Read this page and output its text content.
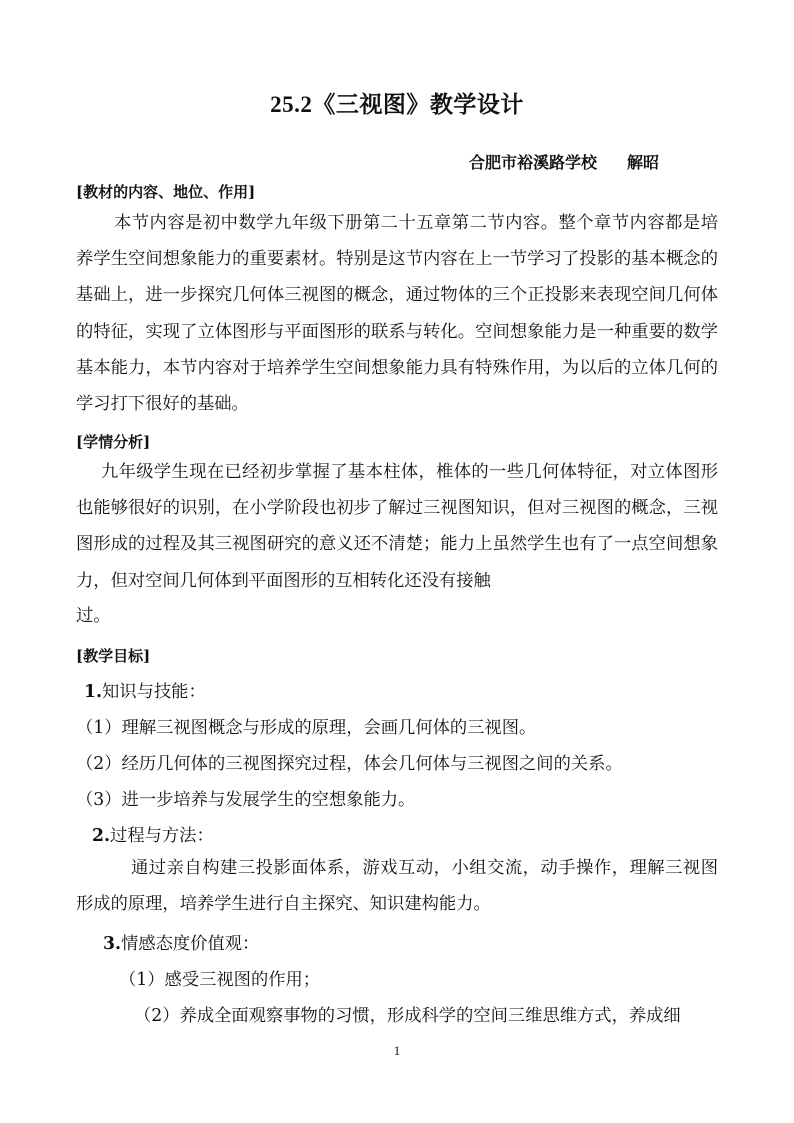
25.2《三视图》教学设计
合肥市裕溪路学校 解昭
[教材的内容、地位、作用]

本节内容是初中数学九年级下册第二十五章第二节内容。整个章节内容都是培养学生空间想象能力的重要素材。特别是这节内容在上一节学习了投影的基本概念的基础上，进一步探究几何体三视图的概念，通过物体的三个正投影来表现空间几何体的特征，实现了立体图形与平面图形的联系与转化。空间想象能力是一种重要的数学基本能力，本节内容对于培养学生空间想象能力具有特殊作用，为以后的立体几何的学习打下很好的基础。

[学情分析]

九年级学生现在已经初步掌握了基本柱体，椎体的一些几何体特征，对立体图形也能够很好的识别，在小学阶段也初步了解过三视图知识，但对三视图的概念，三视图形成的过程及其三视图研究的意义还不清楚；能力上虽然学生也有了一点空间想象力，但对空间几何体到平面图形的互相转化还没有接触

过。
[教学目标]
1.知识与技能：
（1）理解三视图概念与形成的原理，会画几何体的三视图。
（2）经历几何体的三视图探究过程，体会几何体与三视图之间的关系。
（3）进一步培养与发展学生的空想象能力。
2.过程与方法：

通过亲自构建三投影面体系，游戏互动，小组交流，动手操作，理解三视图形成的原理，培养学生进行自主探究、知识建构能力。

3.情感态度价值观：
（1）感受三视图的作用；
（2）养成全面观察事物的习惯，形成科学的空间三维思维方式，养成细
1
